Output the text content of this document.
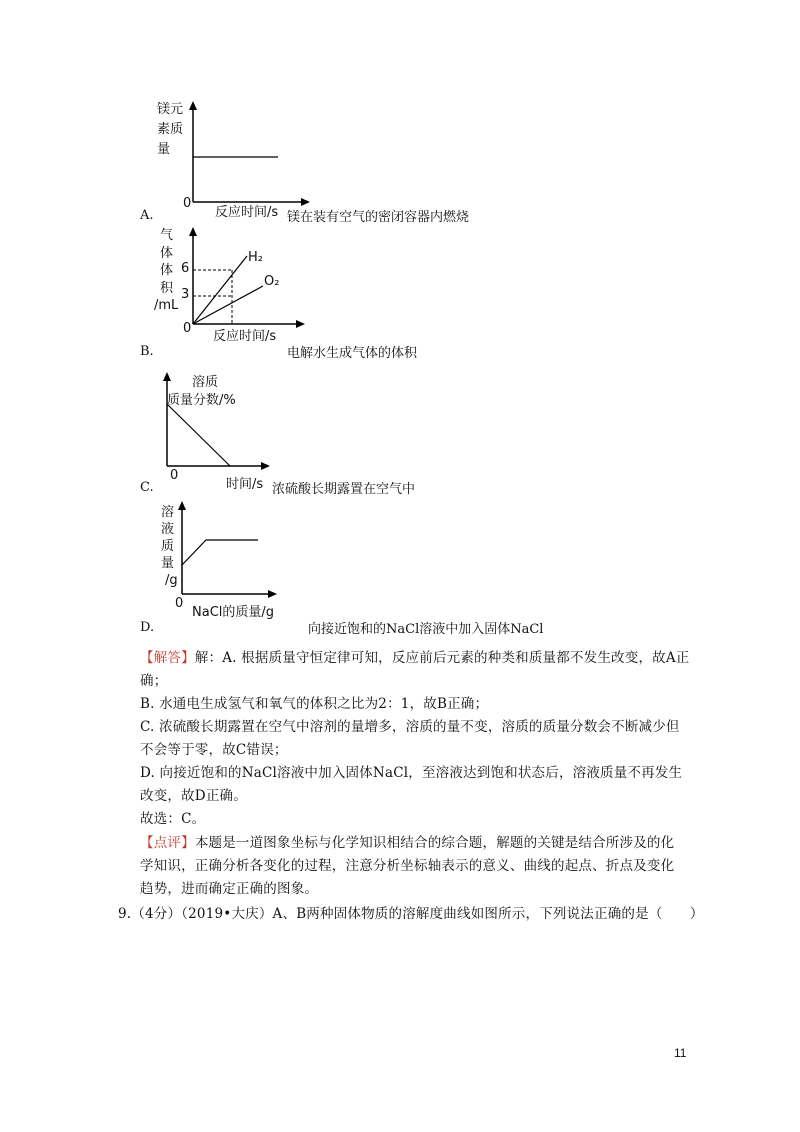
镁元
素质
量
0
反应时间/s
A.	镁在装有空气的密闭容器内燃烧
气
体
体
积
/mL
6
3
H₂
O₂
0
反应时间/s
B.	电解水生成气体的体积
溶质
质量分数/%
0
时间/s
C.	浓硫酸长期露置在空气中
溶
液
质
量
/g
0
NaCl的质量/g
D.	向接近饱和的NaCl溶液中加入固体NaCl
【解答】解：A. 根据质量守恒定律可知，反应前后元素的种类和质量都不发生改变，故A正
确；
B. 水通电生成氢气和氧气的体积之比为2：1，故B正确；
C. 浓硫酸长期露置在空气中溶剂的量增多，溶质的量不变，溶质的质量分数会不断减少但
不会等于零，故C错误；
D. 向接近饱和的NaCl溶液中加入固体NaCl，至溶液达到饱和状态后，溶液质量不再发生
改变，故D正确。
故选：C。
【点评】本题是一道图象坐标与化学知识相结合的综合题，解题的关键是结合所涉及的化
学知识，正确分析各变化的过程，注意分析坐标轴表示的意义、曲线的起点、折点及变化
趋势，进而确定正确的图象。
9.（4分）（2019•大庆）A、B两种固体物质的溶解度曲线如图所示，下列说法正确的是（　　）
11
